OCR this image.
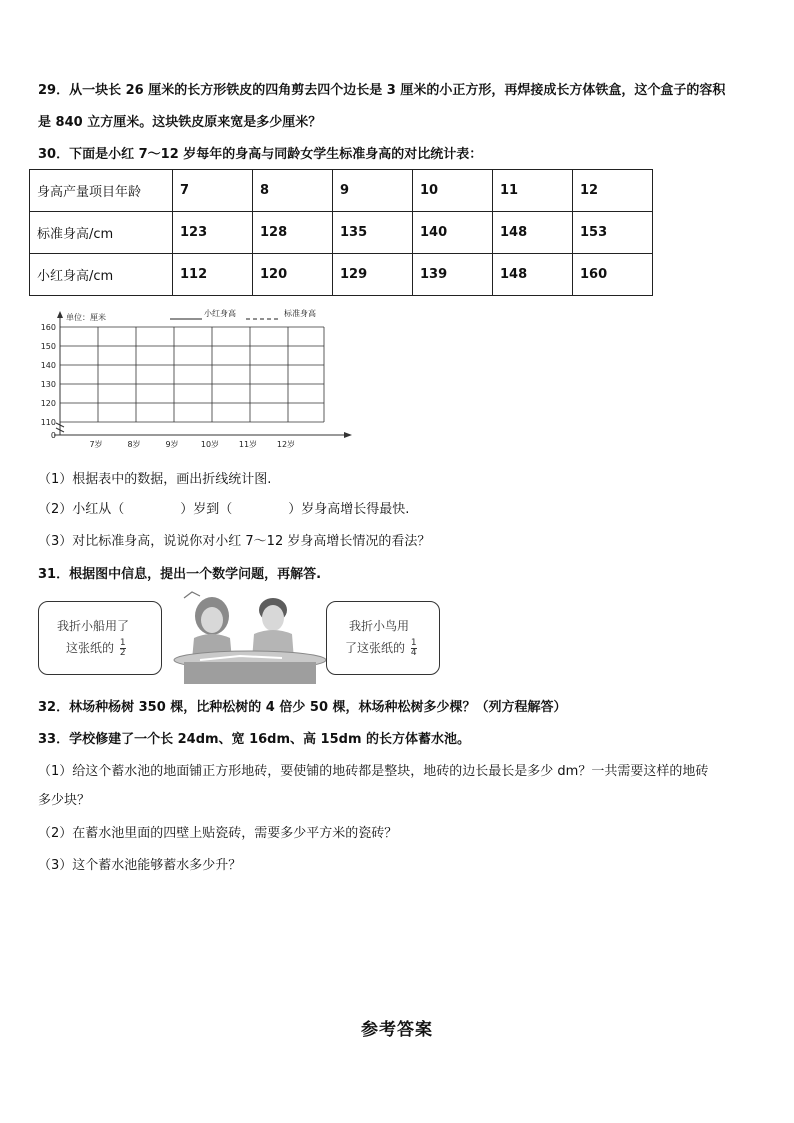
29．从一块长 26 厘米的长方形铁皮的四角剪去四个边长是 3 厘米的小正方形，再焊接成长方体铁盒，这个盒子的容积
是 840 立方厘米。这块铁皮原来宽是多少厘米？
30．下面是小红 7～12 岁每年的身高与同龄女学生标准身高的对比统计表：
身高产量项目年龄	7	8	9	10	11	12
标准身高/cm	123	128	135	140	148	153
小红身高/cm	112	120	129	139	148	160
160
150
140
130
120
110
0
7岁	8岁	9岁	10岁 11岁 12岁
单位：厘米	小红身高	标准身高
（1）根据表中的数据，画出折线统计图.
（2）小红从（	）岁到（	）岁身高增长得最快.
（3）对比标准身高，说说你对小红 7～12 岁身高增长情况的看法？
31．根据图中信息，提出一个数学问题，再解答.
我折小船用了
这张纸的 $\frac{1}{2}$
我折小鸟用
了这张纸的 $\frac{1}{4}$
32．林场种杨树 350 棵，比种松树的 4 倍少 50 棵，林场种松树多少棵？（列方程解答）
33．学校修建了一个长 24dm、宽 16dm、高 15dm 的长方体蓄水池。
（1）给这个蓄水池的地面铺正方形地砖，要使铺的地砖都是整块，地砖的边长最长是多少 dm？一共需要这样的地砖
多少块？
（2）在蓄水池里面的四壁上贴瓷砖，需要多少平方米的瓷砖？
（3）这个蓄水池能够蓄水多少升？
参考答案
